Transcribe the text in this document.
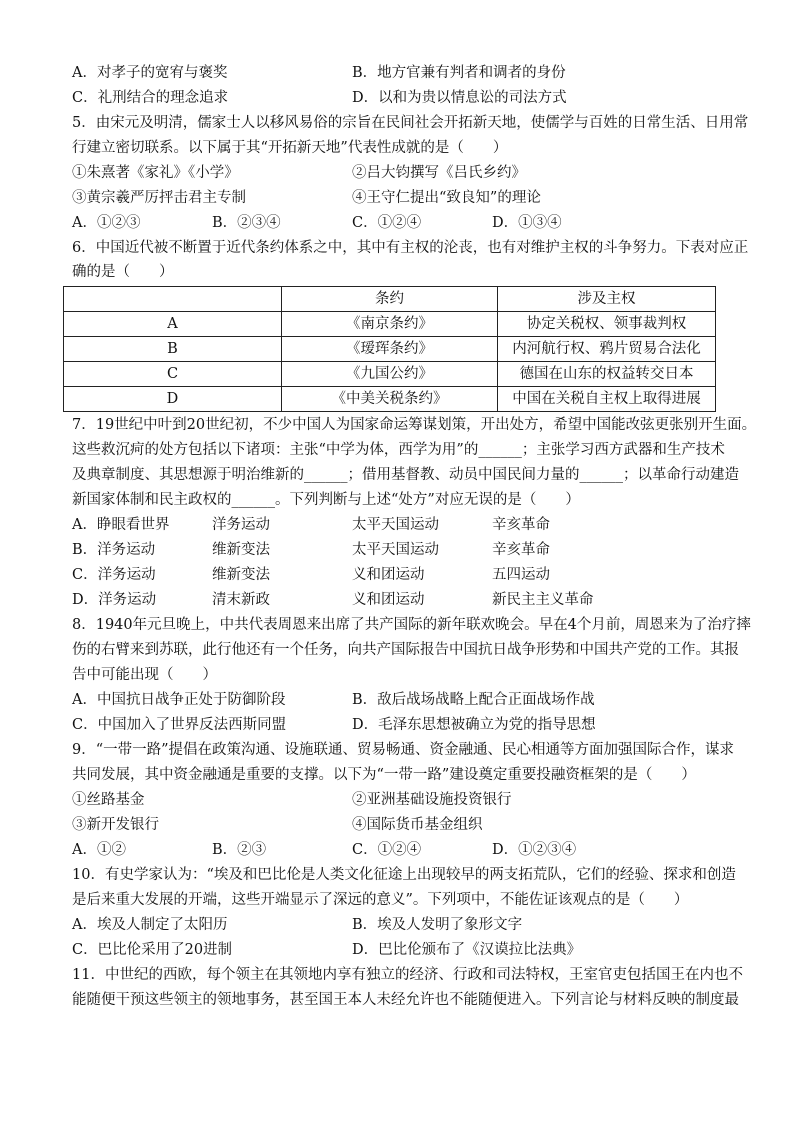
A．对孝子的宽宥与褒奖	B．地方官兼有判者和调者的身份
C．礼刑结合的理念追求	D．以和为贵以情息讼的司法方式
5．由宋元及明清，儒家士人以移风易俗的宗旨在民间社会开拓新天地，使儒学与百姓的日常生活、日用常
行建立密切联系。以下属于其“开拓新天地”代表性成就的是（　　）
①朱熹著《家礼》《小学》	②吕大钧撰写《吕氏乡约》
③黄宗羲严厉抨击君主专制	④王守仁提出“致良知”的理论
A．①②③	B．②③④	C．①②④	D．①③④
6．中国近代被不断置于近代条约体系之中，其中有主权的沦丧，也有对维护主权的斗争努力。下表对应正
确的是（　　）
	条约	涉及主权
A	《南京条约》	协定关税权、领事裁判权
B	《瑷珲条约》	内河航行权、鸦片贸易合法化
C	《九国公约》	德国在山东的权益转交日本
D	《中美关税条约》	中国在关税自主权上取得进展
7．19世纪中叶到20世纪初，不少中国人为国家命运筹谋划策，开出处方，希望中国能改弦更张别开生面。
这些救沉疴的处方包括以下诸项：主张“中学为体，西学为用”的______；主张学习西方武器和生产技术
及典章制度、其思想源于明治维新的______；借用基督教、动员中国民间力量的______；以革命行动建造
新国家体制和民主政权的______。下列判断与上述“处方”对应无误的是（　　）
A．睁眼看世界	洋务运动	太平天国运动	辛亥革命
B．洋务运动	维新变法	太平天国运动	辛亥革命
C．洋务运动	维新变法	义和团运动	五四运动
D．洋务运动	清末新政	义和团运动	新民主主义革命
8．1940年元旦晚上，中共代表周恩来出席了共产国际的新年联欢晚会。早在4个月前，周恩来为了治疗摔
伤的右臂来到苏联，此行他还有一个任务，向共产国际报告中国抗日战争形势和中国共产党的工作。其报
告中可能出现（　　）
A．中国抗日战争正处于防御阶段	B．敌后战场战略上配合正面战场作战
C．中国加入了世界反法西斯同盟	D．毛泽东思想被确立为党的指导思想
9．“一带一路”提倡在政策沟通、设施联通、贸易畅通、资金融通、民心相通等方面加强国际合作，谋求
共同发展，其中资金融通是重要的支撑。以下为“一带一路”建设奠定重要投融资框架的是（　　）
①丝路基金	②亚洲基础设施投资银行
③新开发银行	④国际货币基金组织
A．①②	B．②③	C．①②④	D．①②③④
10．有史学家认为：“埃及和巴比伦是人类文化征途上出现较早的两支拓荒队，它们的经验、探求和创造
是后来重大发展的开端，这些开端显示了深远的意义”。下列项中，不能佐证该观点的是（　　）
A．埃及人制定了太阳历	B．埃及人发明了象形文字
C．巴比伦采用了20进制	D．巴比伦颁布了《汉谟拉比法典》
11．中世纪的西欧，每个领主在其领地内享有独立的经济、行政和司法特权，王室官吏包括国王在内也不
能随便干预这些领主的领地事务，甚至国王本人未经允许也不能随便进入。下列言论与材料反映的制度最
